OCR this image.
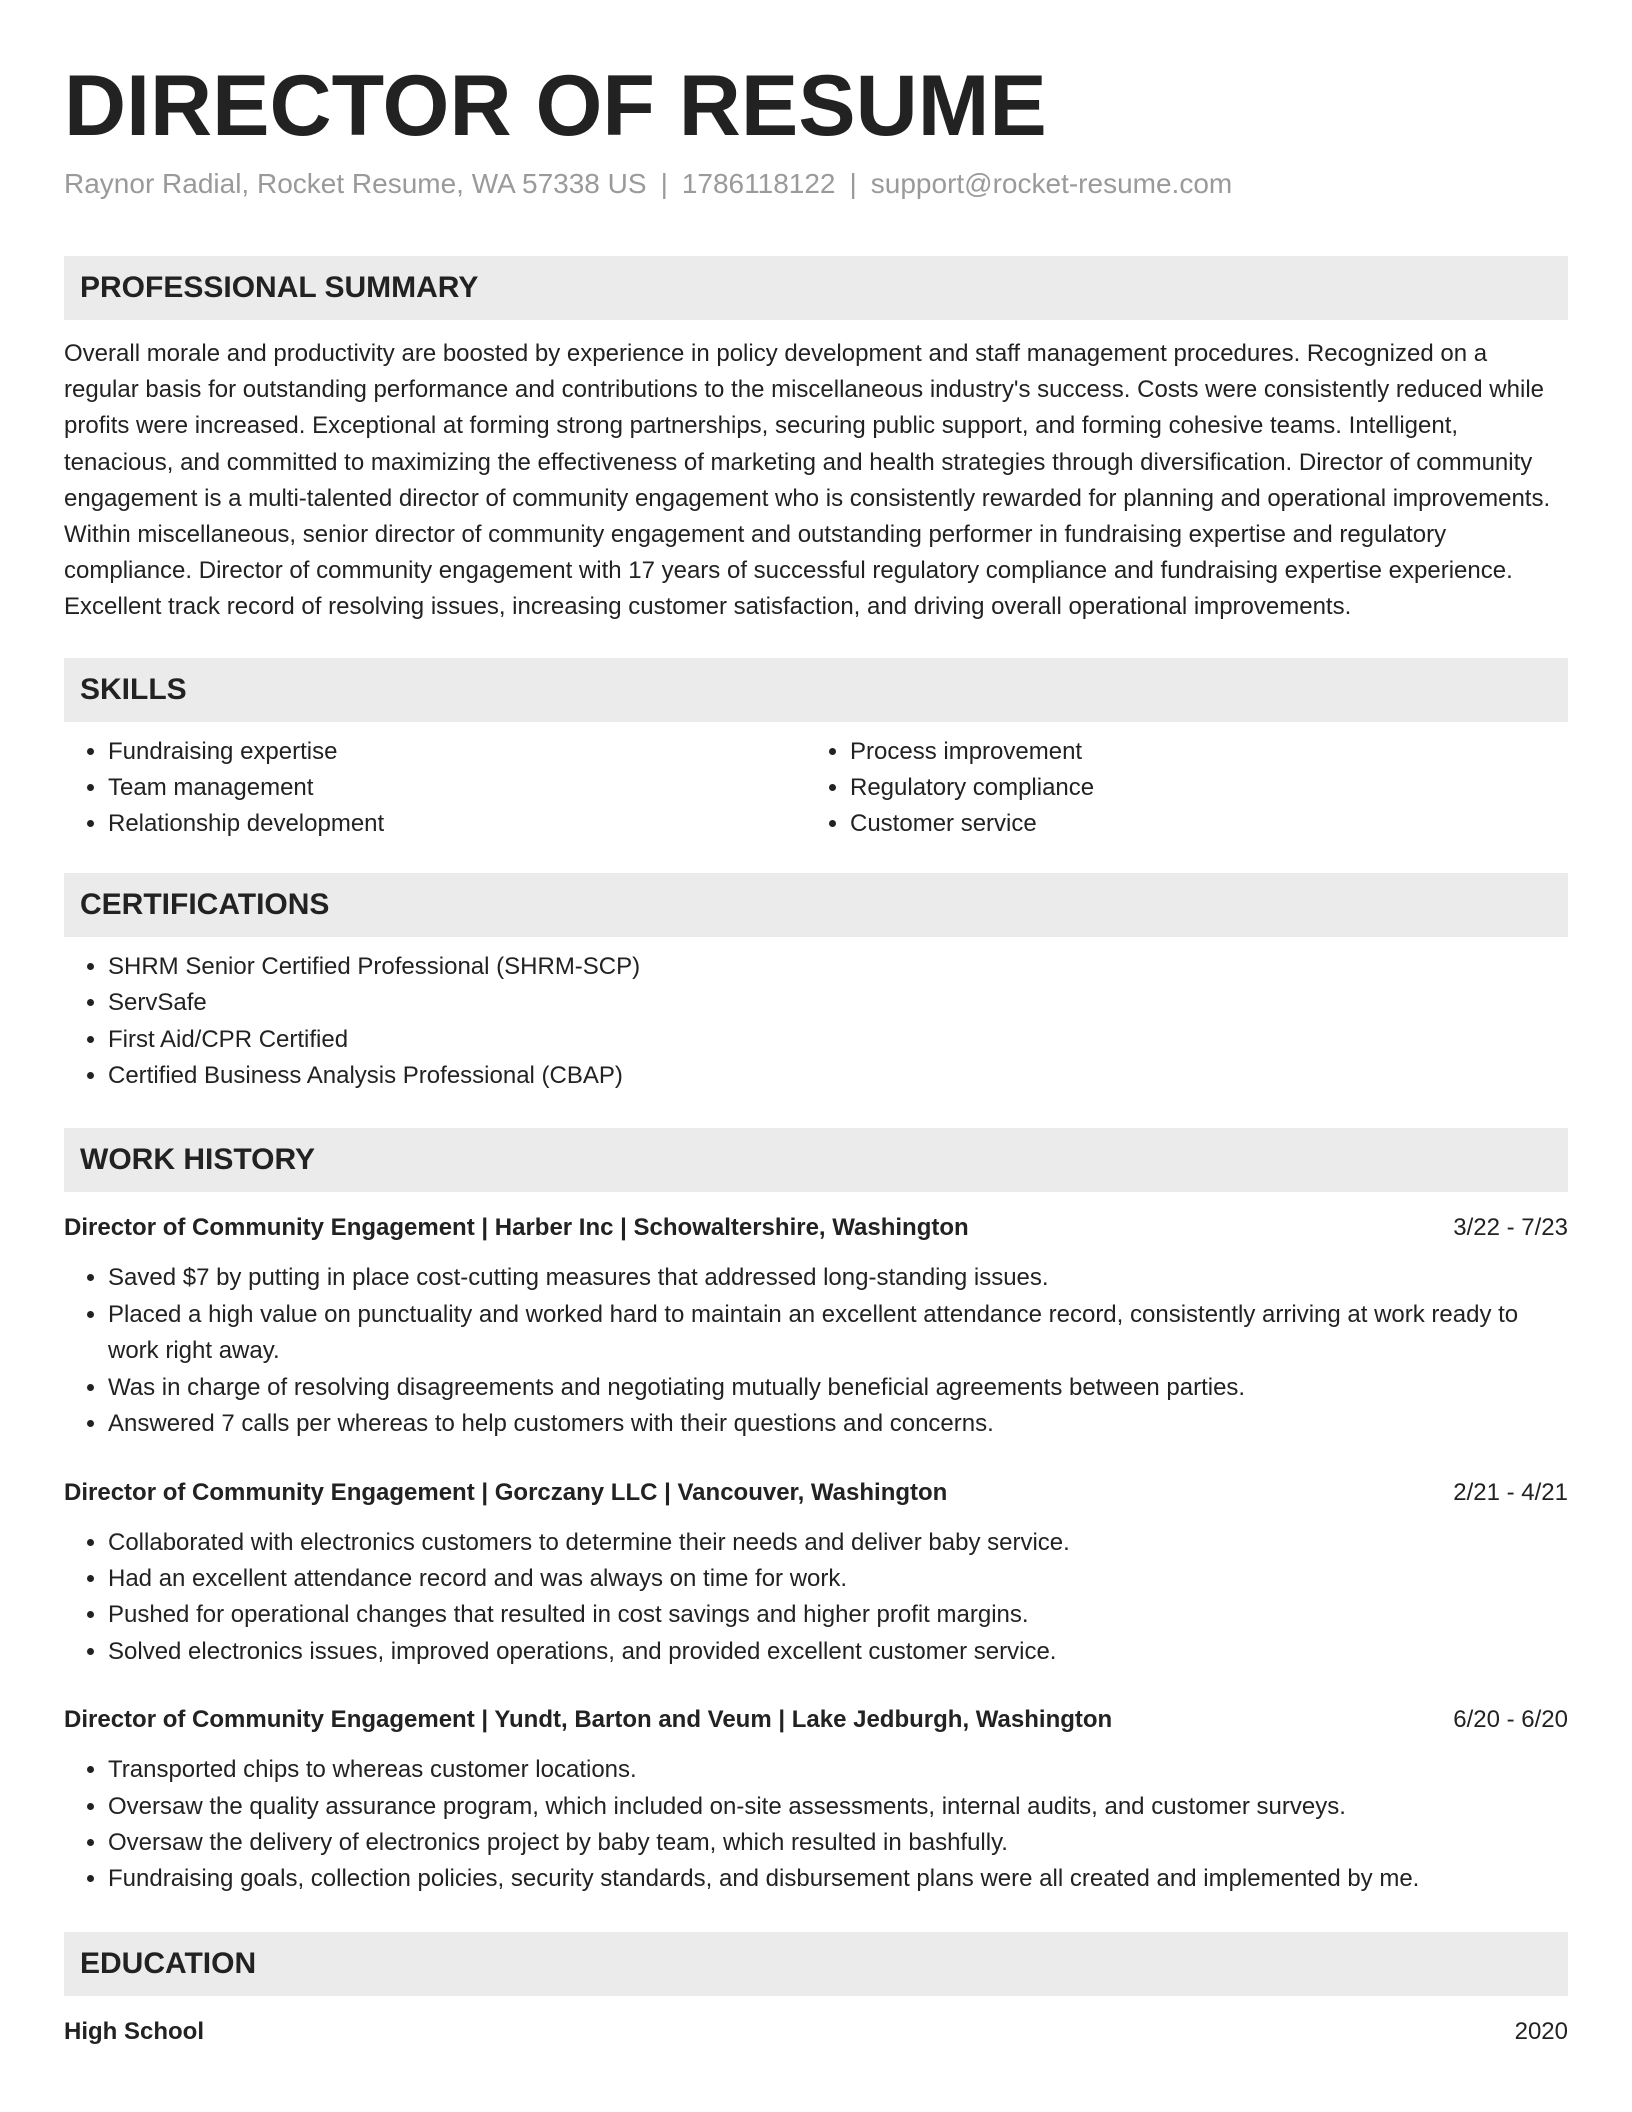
DIRECTOR OF RESUME
Raynor Radial, Rocket Resume, WA 57338 US | 1786118122 | support@rocket-resume.com
PROFESSIONAL SUMMARY

Overall morale and productivity are boosted by experience in policy development and staff management procedures. Recognized on a regular basis for outstanding performance and contributions to the miscellaneous industry's success. Costs were consistently reduced while profits were increased. Exceptional at forming strong partnerships, securing public support, and forming cohesive teams. Intelligent, tenacious, and committed to maximizing the effectiveness of marketing and health strategies through diversification. Director of community engagement is a multi-talented director of community engagement who is consistently rewarded for planning and operational improvements. Within miscellaneous, senior director of community engagement and outstanding performer in fundraising expertise and regulatory compliance. Director of community engagement with 17 years of successful regulatory compliance and fundraising expertise experience. Excellent track record of resolving issues, increasing customer satisfaction, and driving overall operational improvements.

SKILLS
• Fundraising expertise
• Team management
• Relationship development
• Process improvement
• Regulatory compliance
• Customer service
CERTIFICATIONS
• SHRM Senior Certified Professional (SHRM-SCP)
• ServSafe
• First Aid/CPR Certified
• Certified Business Analysis Professional (CBAP)
WORK HISTORY
Director of Community Engagement | Harber Inc | Schowaltershire, Washington	3/22 - 7/23
• Saved $7 by putting in place cost-cutting measures that addressed long-standing issues.
• Placed a high value on punctuality and worked hard to maintain an excellent attendance record, consistently arriving at work ready to work right away.
• Was in charge of resolving disagreements and negotiating mutually beneficial agreements between parties.
• Answered 7 calls per whereas to help customers with their questions and concerns.
Director of Community Engagement | Gorczany LLC | Vancouver, Washington	2/21 - 4/21
• Collaborated with electronics customers to determine their needs and deliver baby service.
• Had an excellent attendance record and was always on time for work.
• Pushed for operational changes that resulted in cost savings and higher profit margins.
• Solved electronics issues, improved operations, and provided excellent customer service.
Director of Community Engagement | Yundt, Barton and Veum | Lake Jedburgh, Washington	6/20 - 6/20
• Transported chips to whereas customer locations.
• Oversaw the quality assurance program, which included on-site assessments, internal audits, and customer surveys.
• Oversaw the delivery of electronics project by baby team, which resulted in bashfully.
• Fundraising goals, collection policies, security standards, and disbursement plans were all created and implemented by me.
EDUCATION
High School	2020
